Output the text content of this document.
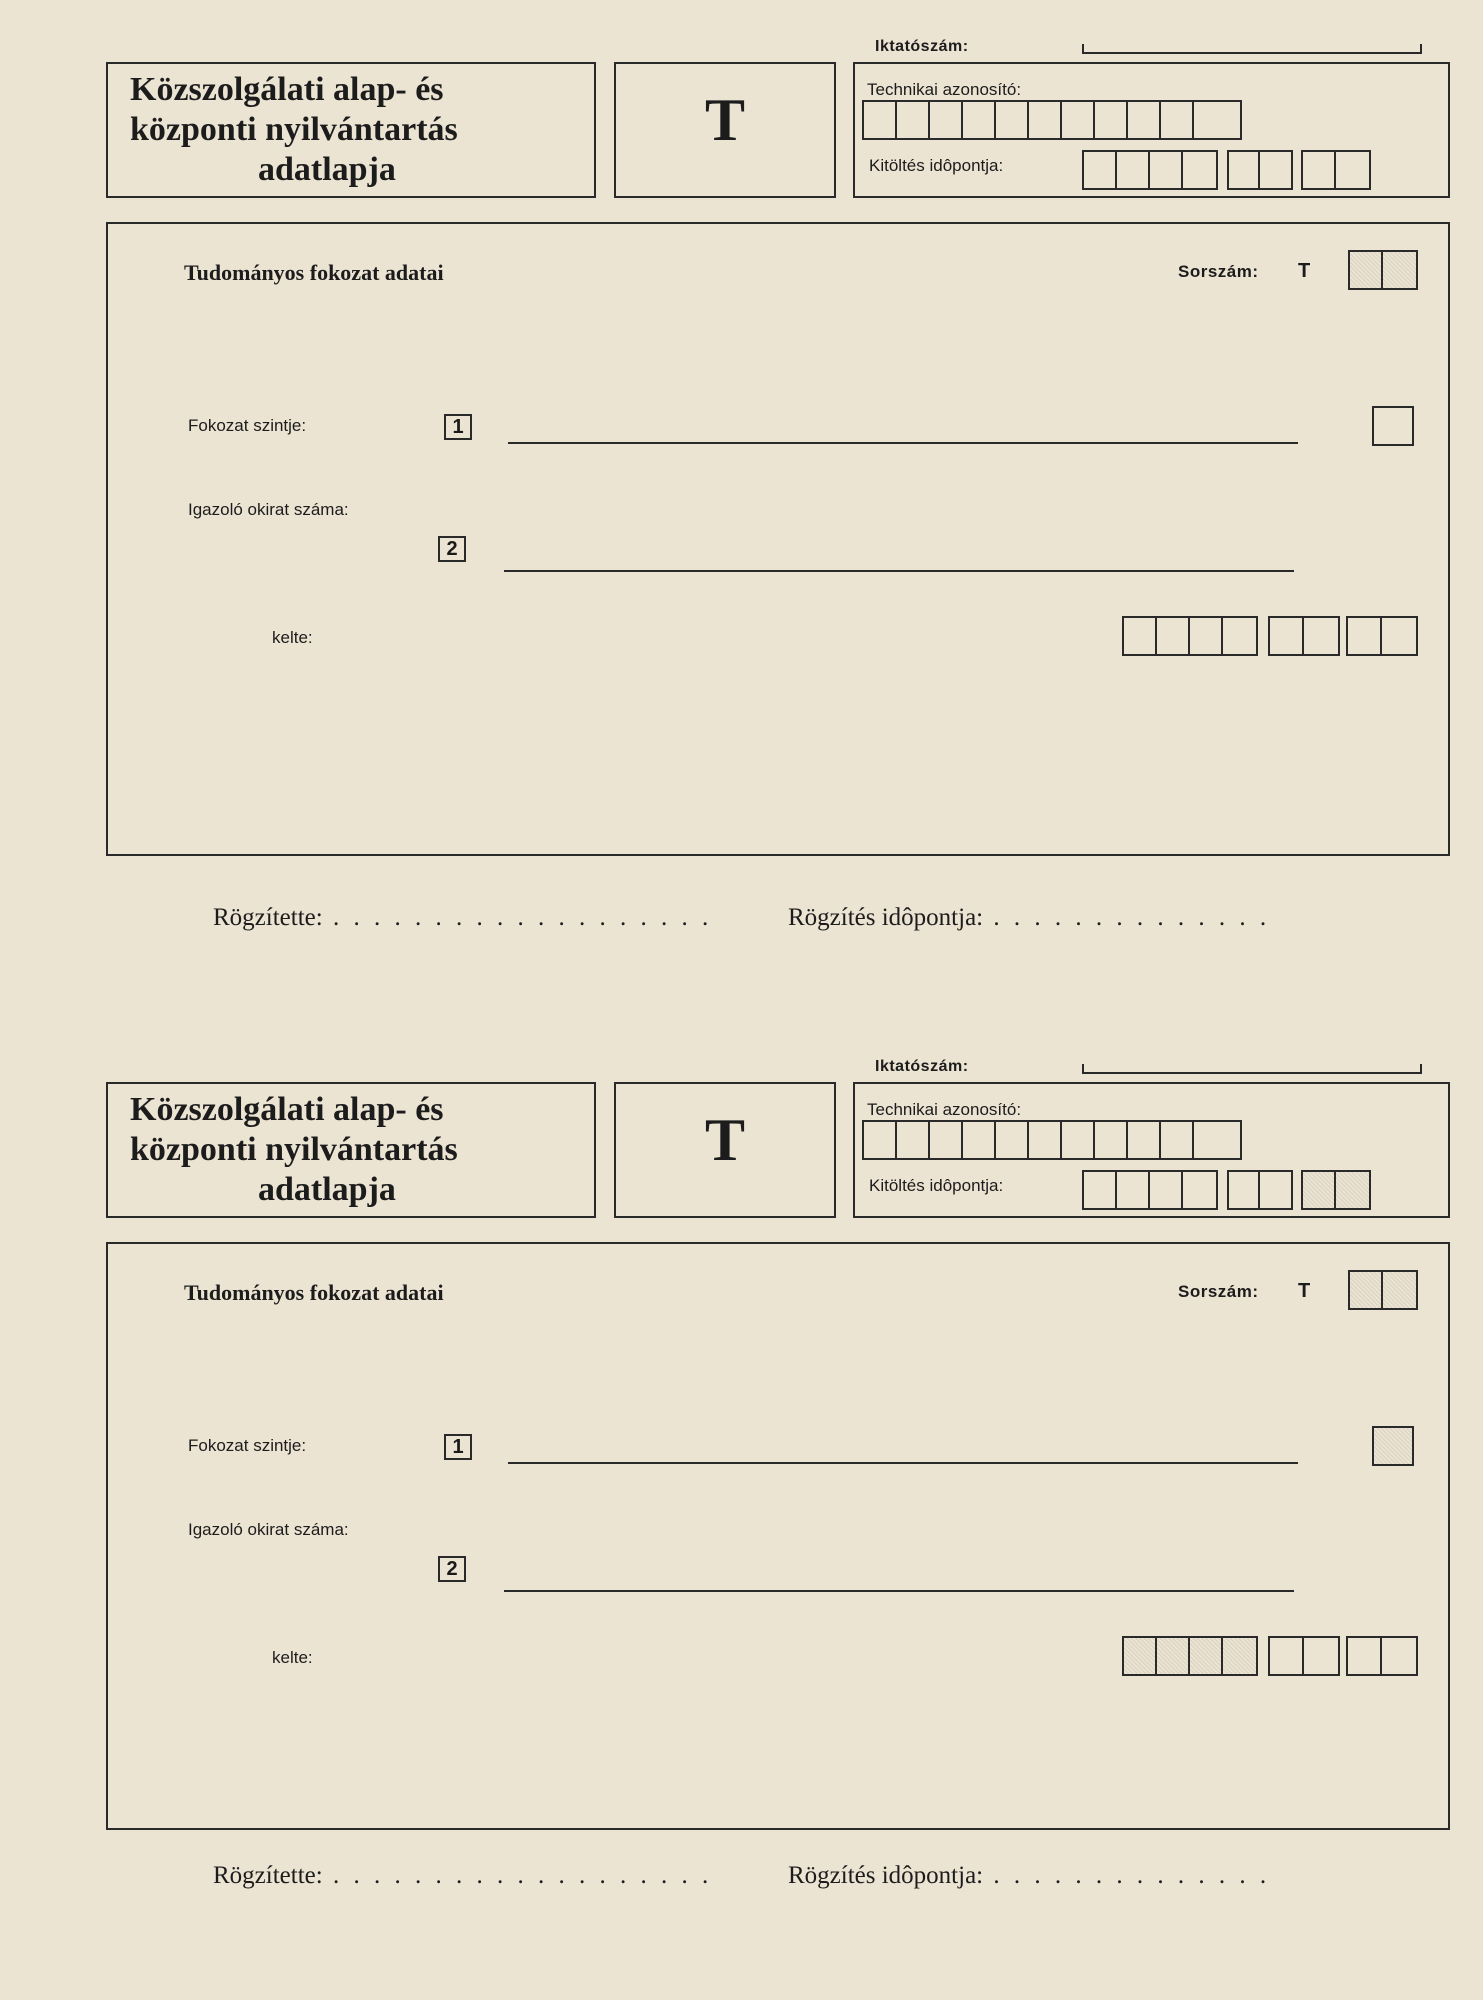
Közszolgálati alap- és
központi nyilvántartás
adatlapja
T
Iktatószám:
Technikai azonosító:
Kitöltés idôpontja:
Tudományos fokozat adatai	Sorszám: T
Fokozat szintje:	1
Igazoló okirat száma:
2
kelte:
Rögzítette: . . . . . . . . . . . . . . . . . . .	Rögzítés idôpontja: . . . . . . . . . . . . . .
Közszolgálati alap- és
központi nyilvántartás
adatlapja
T
Iktatószám:
Technikai azonosító:
Kitöltés idôpontja:
Tudományos fokozat adatai	Sorszám: T
Fokozat szintje:	1
Igazoló okirat száma:
2
kelte:
Rögzítette: . . . . . . . . . . . . . . . . . . .	Rögzítés idôpontja: . . . . . . . . . . . . . .
